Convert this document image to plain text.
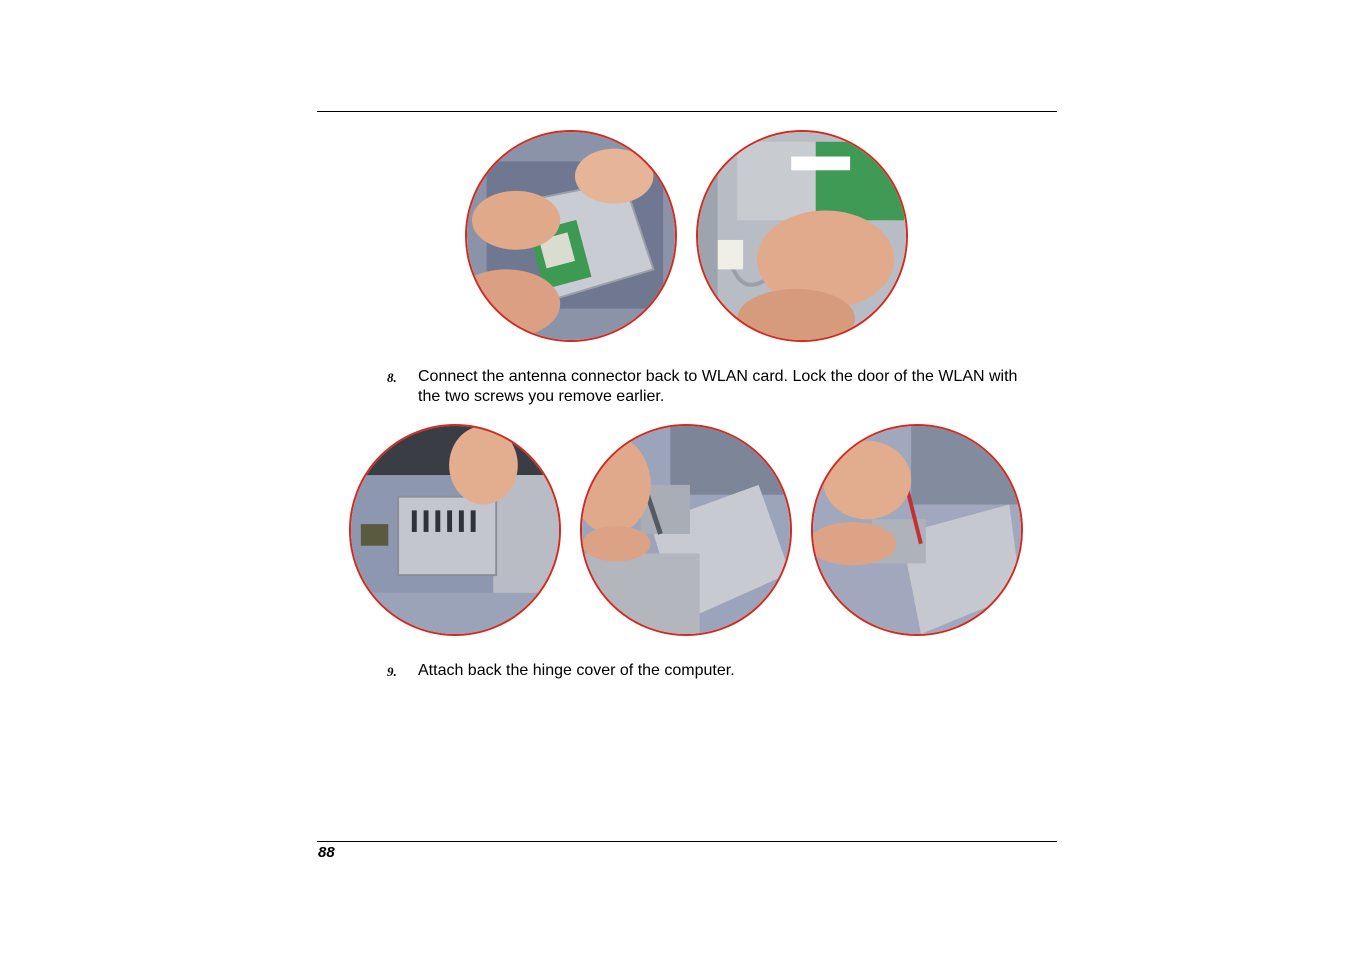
8. Connect the antenna connector back to WLAN card. Lock the door of the WLAN with the two screws you remove earlier.
9. Attach back the hinge cover of the computer.
88
